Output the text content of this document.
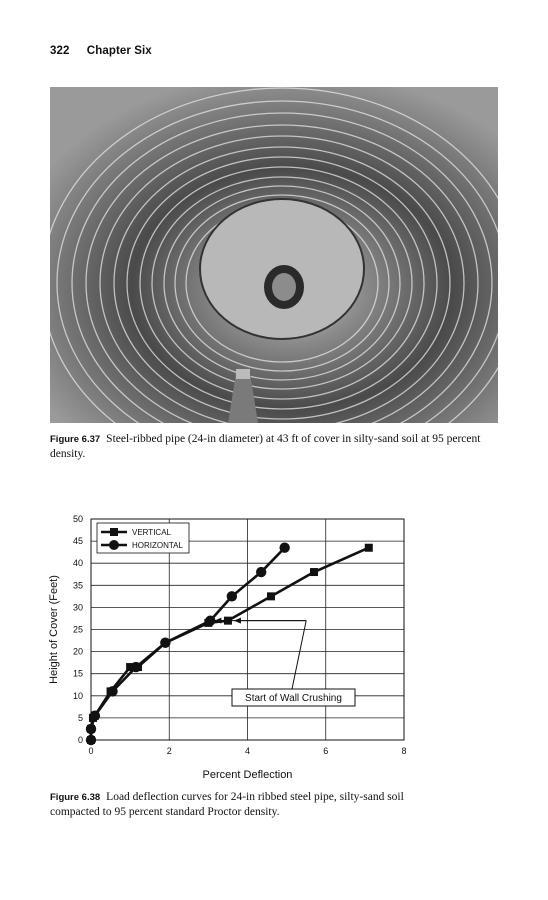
322 Chapter Six
Figure 6.37 Steel-ribbed pipe (24-in diameter) at 43 ft of cover in silty-sand soil at 95 percent density.
0	2	4	6	8
0
5
10
15
20
25
30
35
40
45
50
Start of Wall Crushing
VERTICAL
HORIZONTAL
Percent Deflection
Height of Cover (Feet)
Figure 6.38 Load deflection curves for 24-in ribbed steel pipe, silty-sand soil compacted to 95 percent standard Proctor density.
